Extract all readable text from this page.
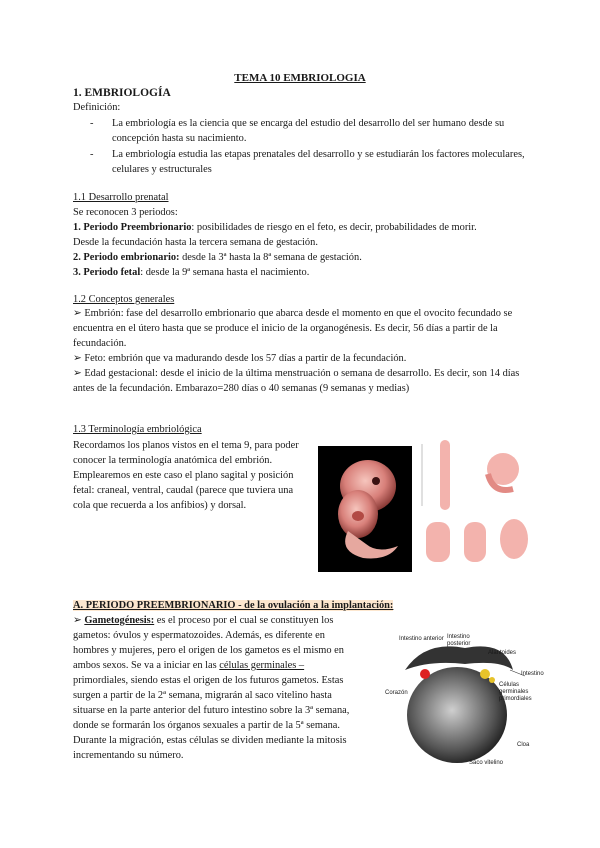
TEMA 10 EMBRIOLOGIA
1. EMBRIOLOGÍA
Definición:
-	La embriología es la ciencia que se encarga del estudio del desarrollo del ser humano desde su concepción hasta su nacimiento.
-	La embriología estudia las etapas prenatales del desarrollo y se estudiarán los factores moleculares, celulares y estructurales
1.1 Desarrollo prenatal
Se reconocen 3 periodos:
1. Periodo Preembrionario: posibilidades de riesgo en el feto, es decir, probabilidades de morir.
Desde la fecundación hasta la tercera semana de gestación.
2. Periodo embrionario: desde la 3ª hasta la 8ª semana de gestación.
3. Periodo fetal: desde la 9ª semana hasta el nacimiento.
1.2 Conceptos generales
➢ Embrión: fase del desarrollo embrionario que abarca desde el momento en que el ovocito fecundado se encuentra en el útero hasta que se produce el inicio de la organogénesis. Es decir, 56 días a partir de la fecundación.
➢ Feto: embrión que va madurando desde los 57 días a partir de la fecundación.
➢ Edad gestacional: desde el inicio de la última menstruación o semana de desarrollo. Es decir, son 14 días antes de la fecundación. Embarazo=280 días o 40 semanas (9 semanas y medias)
1.3 Terminología embriológica
Recordamos los planos vistos en el tema 9, para poder conocer la terminología anatómica del embrión. Emplearemos en este caso el plano sagital y posición fetal: craneal, ventral, caudal (parece que tuviera una cola que recuerda a los anfibios) y dorsal.
A. PERIODO PREEMBRIONARIO - de la ovulación a la implantación:
➢ Gametogénesis: es el proceso por el cual se constituyen los
gametos: óvulos y espermatozoides. Además, es diferente en
hombres y mujeres, pero el origen de los gametos es el mismo en
ambos sexos. Se va a iniciar en las células germinales –
primordiales, siendo estas el origen de los futuros gametos. Estas
surgen a partir de la 2ª semana, migrarán al saco vitelino hasta
situarse en la parte anterior del futuro intestino sobre la 3ª semana,
donde se formarán los órganos sexuales a partir de la 5ª semana.
Durante la migración, estas células se dividen mediante la mitosis
incrementando su número.
Intestino anterior Intestino posterior
Alantoides
Intestino
Células germinales primordiales
Corazón
Cloa
Saco vitelino
